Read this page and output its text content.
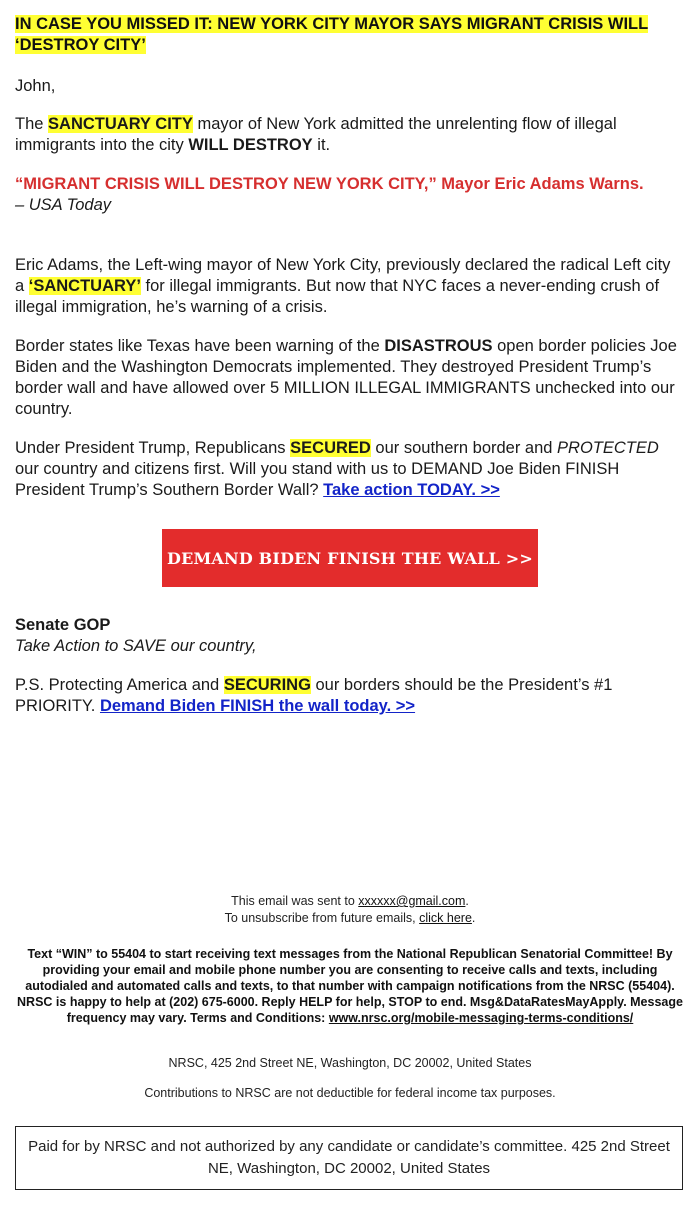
IN CASE YOU MISSED IT: NEW YORK CITY MAYOR SAYS MIGRANT CRISIS WILL ‘DESTROY CITY’

John,

The SANCTUARY CITY mayor of New York admitted the unrelenting flow of illegal immigrants into the city WILL DESTROY it.

“MIGRANT CRISIS WILL DESTROY NEW YORK CITY,” Mayor Eric Adams Warns.
– USA Today

Eric Adams, the Left-wing mayor of New York City, previously declared the radical Left city a ‘SANCTUARY’ for illegal immigrants. But now that NYC faces a never-ending crush of illegal immigration, he’s warning of a crisis.

Border states like Texas have been warning of the DISASTROUS open border policies Joe Biden and the Washington Democrats implemented. They destroyed President Trump’s border wall and have allowed over 5 MILLION ILLEGAL IMMIGRANTS unchecked into our country.

Under President Trump, Republicans SECURED our southern border and PROTECTED our country and citizens first. Will you stand with us to DEMAND Joe Biden FINISH President Trump’s Southern Border Wall? Take action TODAY. >>

DEMAND BIDEN FINISH THE WALL >>
Senate GOP
Take Action to SAVE our country,

P.S. Protecting America and SECURING our borders should be the President’s #1 PRIORITY. Demand Biden FINISH the wall today. >>

This email was sent to xxxxxx@gmail.com.
To unsubscribe from future emails, click here.
Text “WIN” to 55404 to start receiving text messages from the National Republican Senatorial Committee! By providing your email and mobile phone number you are consenting to receive calls and texts, including autodialed and automated calls and texts, to that number with campaign notifications from the NRSC (55404). NRSC is happy to help at (202) 675-6000. Reply HELP for help, STOP to end. Msg&DataRatesMayApply. Message frequency may vary. Terms and Conditions: www.nrsc.org/mobile-messaging-terms-conditions/
NRSC, 425 2nd Street NE, Washington, DC 20002, United States
Contributions to NRSC are not deductible for federal income tax purposes.
Paid for by NRSC and not authorized by any candidate or candidate’s committee. 425 2nd Street NE, Washington, DC 20002, United States
